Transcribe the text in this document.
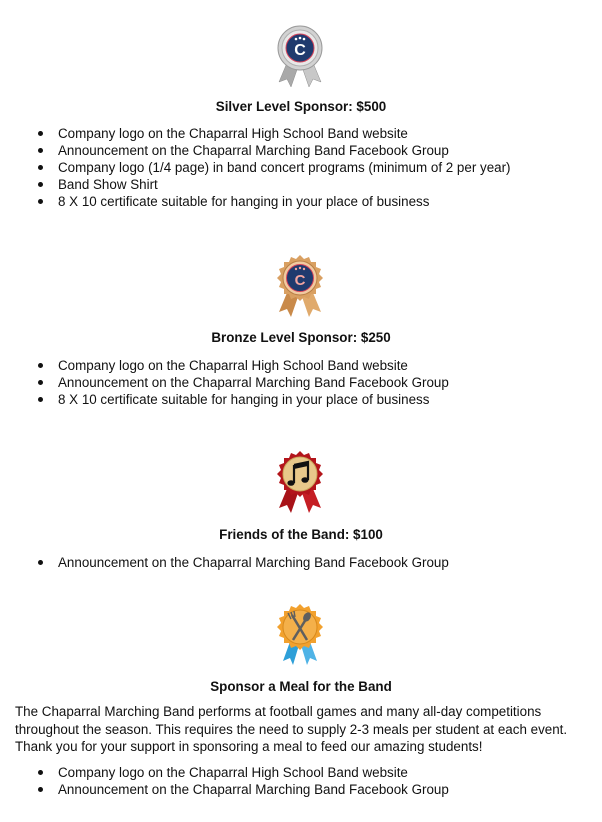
C
Silver Level Sponsor: $500
Company logo on the Chaparral High School Band website
Announcement on the Chaparral Marching Band Facebook Group
Company logo (1/4 page) in band concert programs (minimum of 2 per year)
Band Show Shirt
8 X 10 certificate suitable for hanging in your place of business
C
Bronze Level Sponsor: $250
Company logo on the Chaparral High School Band website
Announcement on the Chaparral Marching Band Facebook Group
8 X 10 certificate suitable for hanging in your place of business
Friends of the Band: $100
Announcement on the Chaparral Marching Band Facebook Group
Sponsor a Meal for the Band

The Chaparral Marching Band performs at football games and many all-day competitions
throughout the season. This requires the need to supply 2-3 meals per student at each event.
Thank you for your support in sponsoring a meal to feed our amazing students!

Company logo on the Chaparral High School Band website
Announcement on the Chaparral Marching Band Facebook Group
